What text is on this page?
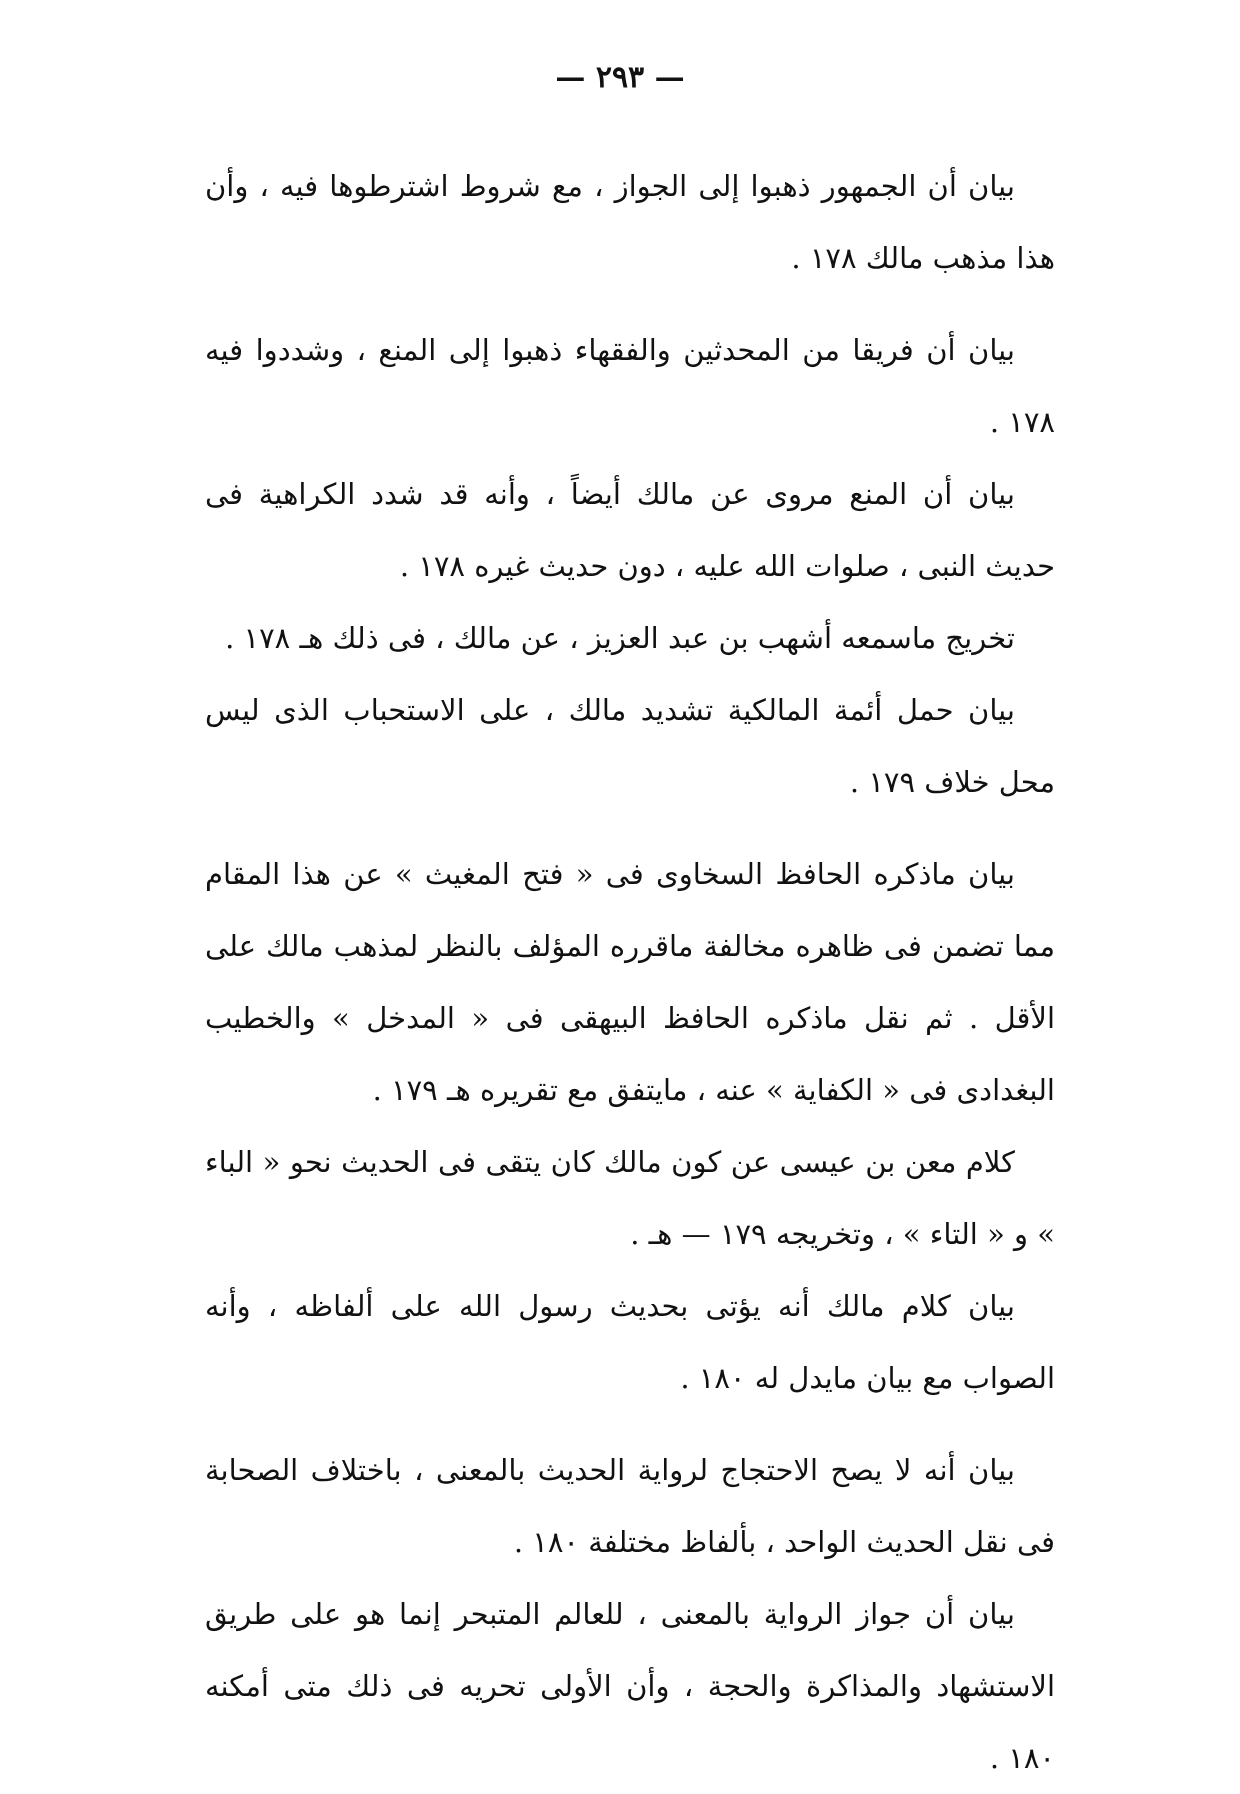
— ٢٩٣ —

بيان أن الجمهور ذهبوا إلى الجواز ، مع شروط اشترطوها فيه ، وأن هذا مذهب مالك ١٧٨ .

بيان أن فريقا من المحدثين والفقهاء ذهبوا إلى المنع ، وشددوا فيه ١٧٨ .

بيان أن المنع مروى عن مالك أيضاً ، وأنه قد شدد الكراهية فى حديث النبى ، صلوات الله عليه ، دون حديث غيره ١٧٨ .

تخريج ماسمعه أشهب بن عبد العزيز ، عن مالك ، فى ذلك هـ ١٧٨ .

بيان حمل أئمة المالكية تشديد مالك ، على الاستحباب الذى ليس محل خلاف ١٧٩ .

بيان ماذكره الحافظ السخاوى فى « فتح المغيث » عن هذا المقام مما تضمن فى ظاهره مخالفة ماقرره المؤلف بالنظر لمذهب مالك على الأقل . ثم نقل ماذكره الحافظ البيهقى فى « المدخل » والخطيب البغدادى فى « الكفاية » عنه ، مايتفق مع تقريره هـ ١٧٩ .

كلام معن بن عيسى عن كون مالك كان يتقى فى الحديث نحو « الباء » و « التاء » ، وتخريجه ١٧٩ — هـ .

بيان كلام مالك أنه يؤتى بحديث رسول الله على ألفاظه ، وأنه الصواب مع بيان مايدل له ١٨٠ .

بيان أنه لا يصح الاحتجاج لرواية الحديث بالمعنى ، باختلاف الصحابة فى نقل الحديث الواحد ، بألفاظ مختلفة ١٨٠ .

بيان أن جواز الرواية بالمعنى ، للعالم المتبحر إنما هو على طريق الاستشهاد والمذاكرة والحجة ، وأن الأولى تحريه فى ذلك متى أمكنه ١٨٠ .
